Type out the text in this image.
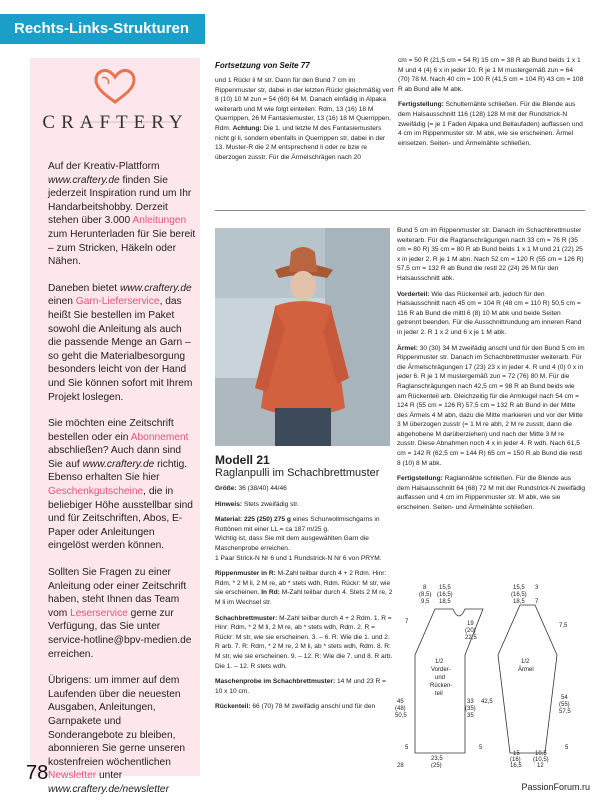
Rechts-Links-Strukturen
CRAFTERY

Auf der Kreativ-Plattform www.craftery.de finden Sie jederzeit Inspiration rund um Ihr Handarbeitshobby. Derzeit stehen über 3.000 Anleitungen zum Herunterladen für Sie bereit – zum Stricken, Häkeln oder Nähen.

Daneben bietet www.craftery.de einen Garn-Lieferservice, das heißt Sie bestellen im Paket sowohl die Anleitung als auch die passende Menge an Garn – so geht die Materialbesorgung besonders leicht von der Hand und Sie können sofort mit Ihrem Projekt loslegen.

Sie möchten eine Zeitschrift bestellen oder ein Abonnement abschließen? Auch dann sind Sie auf www.craftery.de richtig. Ebenso erhalten Sie hier Geschenkgutscheine, die in beliebiger Höhe ausstellbar sind und für Zeitschriften, Abos, E-Paper oder Anleitungen eingelöst werden können.

Sollten Sie Fragen zu einer Anleitung oder einer Zeitschrift haben, steht Ihnen das Team vom Leserservice gerne zur Verfügung, das Sie unter service-hotline@bpv-medien.de erreichen.

Übrigens: um immer auf dem Laufenden über die neuesten Ausgaben, Anleitungen, Garnpakete und Sonderangebote zu bleiben, abonnieren Sie gerne unseren kostenfreien wöchentlichen Newsletter unter www.craftery.de/newsletter

78
Fortsetzung von Seite 77

und 1 Rückr li M str. Dann für den Bund 7 cm im Rippenmuster str, dabei in der letzten Rückr gleichmäßig vert 8 (10) 10 M zun = 54 (60) 64 M. Danach einfädig in Alpaka weiterarb und M wie folgt einteilen: Rdm, 13 (16) 18 M Querrippen, 26 M Fantasiemuster, 13 (16) 18 M Querrippen, Rdm. Achtung: Die 1. und letzte M des Fantasiemusters nicht gl li, sondern ebenfalls in Querrippen str, dabei in der 13. Muster-R die 2 M entsprechend li oder re bzw re überzogen zusstr. Für die Ärmelschrägen nach 20

cm = 50 R (21,5 cm = 54 R) 15 cm = 38 R ab Bund beids 1 x 1 M und 4 (4) 6 x in jeder 10. R je 1 M mustergemäß zun = 64 (70) 78 M. Nach 40 cm = 100 R (41,5 cm = 104 R) 43 cm = 108 R ab Bund alle M abk.

Fertigstellung: Schulternähte schließen. Für die Blende aus dem Halsausschnitt 116 (128) 128 M mit der Rundstrick-N zweifädig (= je 1 Faden Alpaka und Bellaufaden) auffassen und 4 cm im Rippenmuster str. M abk, wie sie erscheinen. Ärmel einsetzen. Seiten- und Ärmelnähte schließen.

Modell 21
Raglanpulli im Schachbrettmuster

Größe: 36 (38/40) 44/46

Hinweis: Stets zweifädig str.

Material: 225 (250) 275 g eines Schurwollmischgarns in Rottönen mit einer LL = ca 187 m/25 g.

Wichtig ist, dass Sie mit dem ausgewählten Garn die Maschenprobe erreichen.

1 Paar Strick-N Nr 6 und 1 Rundstrick-N Nr 6 von PRYM.

Rippenmuster in R: M-Zahl teilbar durch 4 + 2 Rdm. Hinr: Rdm, * 2 M li, 2 M re, ab * stets wdh, Rdm. Rückr: M str, wie sie erscheinen. In Rd: M-Zahl teilbar durch 4. Stets 2 M re, 2 M li im Wechsel str.

Schachbrettmuster: M-Zahl teilbar durch 4 + 2 Rdm. 1. R = Hinr: Rdm, * 2 M li, 2 M re, ab * stets wdh, Rdm. 2. R = Rückr: M str, wie sie erscheinen. 3. – 6. R: Wie die 1. und 2. R arb. 7. R: Rdm, * 2 M re, 2 M li, ab * stets wdh, Rdm. 8. R: M str, wie sie erscheinen. 9. – 12. R: Wie die 7. und 8. R arb. Die 1. – 12. R stets wdh.

Maschenprobe im Schachbrettmuster: 14 M und 23 R = 10 x 10 cm.

Rückenteil: 66 (70) 78 M zweifädig anschl und für den

Bund 5 cm im Rippenmuster str. Danach im Schachbrettmuster weiterarb. Für die Raglanschrägungen nach 33 cm = 76 R (35 cm = 80 R) 35 cm = 80 R ab Bund beids 1 x 1 M und 21 (22) 25 x in jeder 2. R je 1 M abn. Nach 52 cm = 120 R (55 cm = 126 R) 57,5 cm = 132 R ab Bund die restl 22 (24) 26 M für den Halsausschnitt abk.

Vorderteil: Wie das Rückenteil arb, jedoch für den Halsausschnitt nach 45 cm = 104 R (48 cm = 110 R) 50,5 cm = 116 R ab Bund die mittl 6 (8) 10 M abk und beide Seiten getrennt beenden. Für die Ausschnittrundung am inneren Rand in jeder 2. R 1 x 2 und 6 x je 1 M abk.

Ärmel: 30 (30) 34 M zweifädig anschl und für den Bund 5 cm im Rippenmuster str. Danach im Schachbrettmuster weiterarb. Für die Ärmelschrägungen 17 (23) 23 x in jeder 4. R und 4 (0) 0 x in jeder 6. R je 1 M mustergemäß zun = 72 (76) 80 M. Für die Raglanschrägungen nach 42,5 cm = 98 R ab Bund beids wie am Rückenteil arb. Gleichzeitig für die Armkugel nach 54 cm = 124 R (55 cm = 126 R) 57,5 cm = 132 R ab Bund in der Mitte des Ärmels 4 M abn, dazu die Mitte markieren und vor der Mitte 3 M überzogen zusstr (= 1 M re abh, 2 M re zusstr, dann die abgehobene M darüberziehen) und nach der Mitte 3 M re zusstr. Diese Abnahmen noch 4 x in jeder 4. R wdh. Nach 61,5 cm = 142 R (62,5 cm = 144 R) 65 cm = 150 R ab Bund die restl 8 (10) 8 M abk.

Fertigstellung: Raglannähte schließen. Für die Blende aus dem Halsausschnitt 64 (68) 72 M mit der Rundstrick-N zweifädig auffassen und 4 cm im Rippenmuster str. M abk, wie sie erscheinen. Seiten- und Ärmelnähte schließen.

1/2
Vorder-
und
Rücken-
teil
1/2
Ärmel
8
(8,5)
9,5
15,5
(16,5)
18,5
7	19
(20)
22,5
45
(48)
50,5
33
(35)
35
42,5
5	5
23,5
(25)
15,5
(16,5)
18,5
3
7
7,5
54
(55)
57,5
5
15
(16)
16,5
10,5
(10,5)
12
28
PassionForum.ru
